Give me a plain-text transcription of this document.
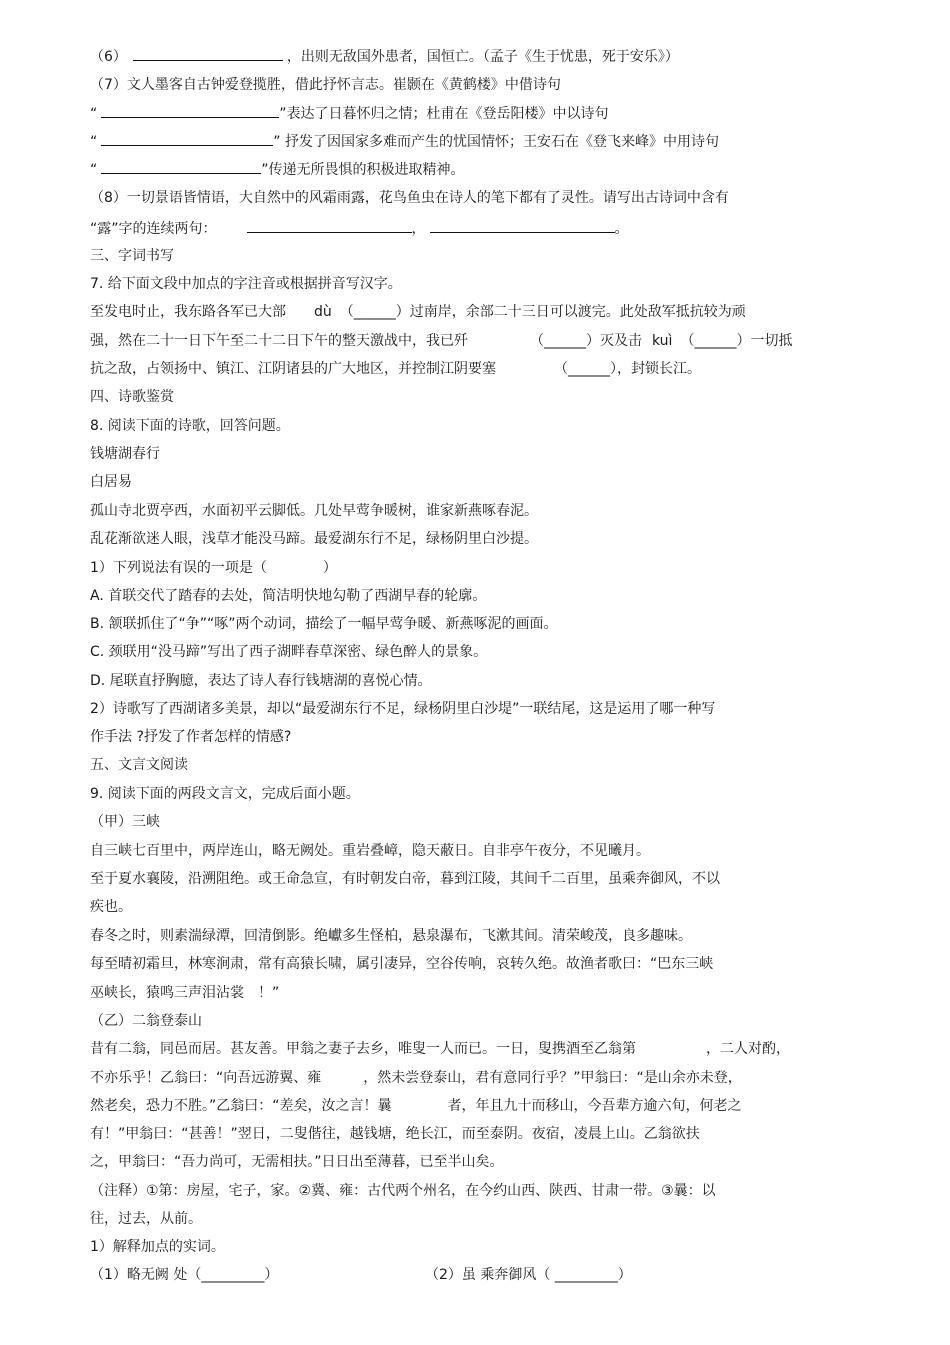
（6）	，出则无敌国外患者，国恒亡。（孟子《生于忧患，死于安乐》）
（7）文人墨客自古钟爱登揽胜，借此抒怀言志。崔颢在《黄鹤楼》中借诗句
“	”表达了日暮怀归之情；杜甫在《登岳阳楼》中以诗句
“	” 抒发了因国家多难而产生的忧国情怀；王安石在《登飞来峰》中用诗句
“	”传递无所畏惧的积极进取精神。
（8）一切景语皆情语，大自然中的风霜雨露，花鸟鱼虫在诗人的笔下都有了灵性。请写出古诗词中含有
“露”字的连续两句：	，	。
三、字词书写
7. 给下面文段中加点的字注音或根据拼音写汉字。
至发电时止，我东路各军已大部 dù （______）过南岸，余部二十三日可以渡完。此处敌军抵抗较为顽
强，然在二十一日下午至二十二日下午的整天激战中，我已歼	（______）灭及击 kuì （______）一切抵
抗之敌，占领扬中、镇江、江阴诸县的广大地区，并控制江阴要塞	（______），封锁长江。
四、诗歌鉴赏
8. 阅读下面的诗歌，回答问题。
钱塘湖春行
白居易
孤山寺北贾亭西，水面初平云脚低。几处早莺争暖树，谁家新燕啄春泥。
乱花渐欲迷人眼，浅草才能没马蹄。最爱湖东行不足，绿杨阴里白沙提。
1）下列说法有误的一项是（　　　　）
A. 首联交代了踏春的去处，简洁明快地勾勒了西湖早春的轮廓。
B. 颔联抓住了“争”“啄”两个动词，描绘了一幅早莺争暖、新燕啄泥的画面。
C. 颈联用“没马蹄”写出了西子湖畔春草深密、绿色醉人的景象。
D. 尾联直抒胸臆，表达了诗人春行钱塘湖的喜悦心情。
2）诗歌写了西湖诸多美景，却以“最爱湖东行不足，绿杨阴里白沙堤”一联结尾，这是运用了哪一种写
作手法 ?抒发了作者怎样的情感?
五、文言文阅读
9. 阅读下面的两段文言文，完成后面小题。
（甲）三峡
自三峡七百里中，两岸连山，略无阙处。重岩叠嶂，隐天蔽日。自非亭午夜分，不见曦月。
至于夏水襄陵，沿溯阻绝。或王命急宣，有时朝发白帝，暮到江陵，其间千二百里，虽乘奔御风，不以
疾也。
春冬之时，则素湍绿潭，回清倒影。绝巘多生怪柏，悬泉瀑布，飞漱其间。清荣峻茂，良多趣味。
每至晴初霜旦，林寒涧肃，常有高猿长啸，属引凄异，空谷传响，哀转久绝。故渔者歌曰：“巴东三峡
巫峡长，猿鸣三声泪沾裳　！”
（乙）二翁登泰山
昔有二翁，同邑而居。甚友善。甲翁之妻子去乡，唯叟一人而已。一日，叟携酒至乙翁第　　　　　，二人对酌，
不亦乐乎！乙翁曰：“向吾远游翼、雍　　　，然未尝登泰山，君有意同行乎？”甲翁曰：“是山余亦未登，
然老矣，恐力不胜。”乙翁曰：“差矣，汝之言！曩　　　　者，年且九十而移山，今吾辈方逾六旬，何老之
有！”甲翁曰：“甚善！”翌日，二叟偕往，越钱塘，绝长江，而至泰阴。夜宿，凌晨上山。乙翁欲扶
之，甲翁曰：“吾力尚可，无需相扶。”日日出至薄暮，已至半山矣。
（注释）①第：房屋，宅子，家。②冀、雍：古代两个州名，在今约山西、陕西、甘肃一带。③曩：以
往，过去，从前。
1）解释加点的实词。
（1）略无阙 处（_________）	（2）虽 乘奔御风（ _________）
